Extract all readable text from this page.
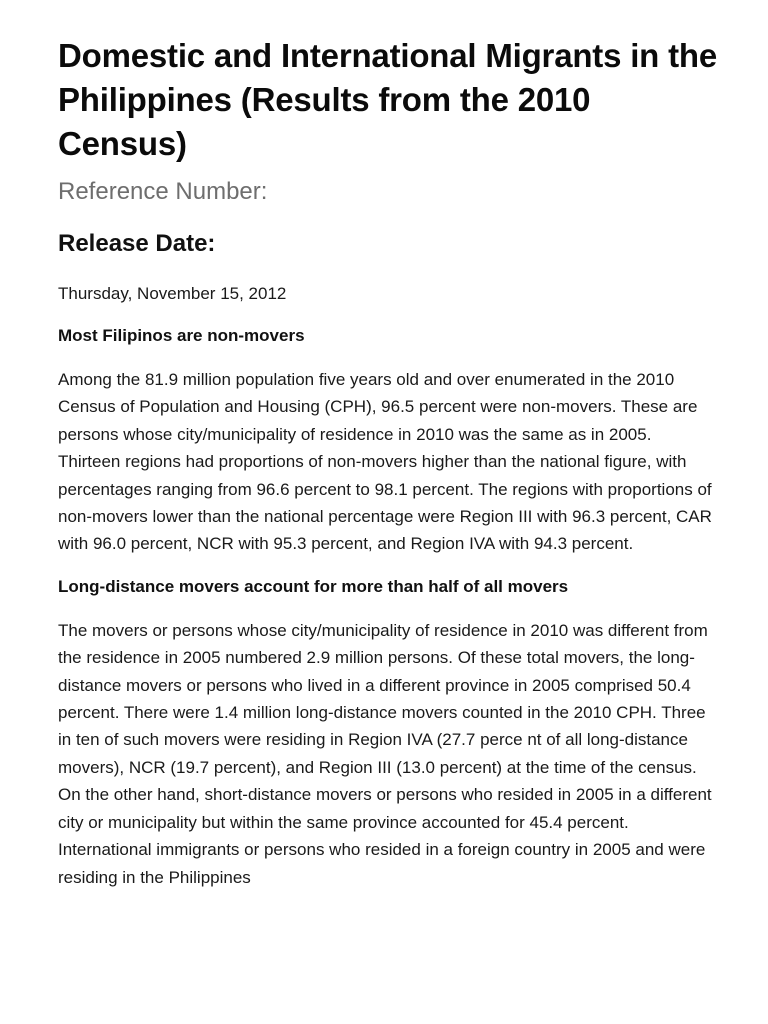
Domestic and International Migrants in the Philippines (Results from the 2010 Census)
Reference Number:
Release Date:
Thursday, November 15, 2012
Most Filipinos are non-movers

Among the 81.9 million population five years old and over enumerated in the 2010 Census of Population and Housing (CPH), 96.5 percent were non-movers. These are persons whose city/municipality of residence in 2010 was the same as in 2005. Thirteen regions had proportions of non-movers higher than the national figure, with percentages ranging from 96.6 percent to 98.1 percent. The regions with proportions of non-movers lower than the national percentage were Region III with 96.3 percent, CAR with 96.0 percent, NCR with 95.3 percent, and Region IVA with 94.3 percent.

Long-distance movers account for more than half of all movers

The movers or persons whose city/municipality of residence in 2010 was different from the residence in 2005 numbered 2.9 million persons. Of these total movers, the long-distance movers or persons who lived in a different province in 2005 comprised 50.4 percent. There were 1.4 million long-distance movers counted in the 2010 CPH. Three in ten of such movers were residing in Region IVA (27.7 perce nt of all long-distance movers), NCR (19.7 percent), and Region III (13.0 percent) at the time of the census. On the other hand, short-distance movers or persons who resided in 2005 in a different city or municipality but within the same province accounted for 45.4 percent. International immigrants or persons who resided in a foreign country in 2005 and were residing in the Philippines
